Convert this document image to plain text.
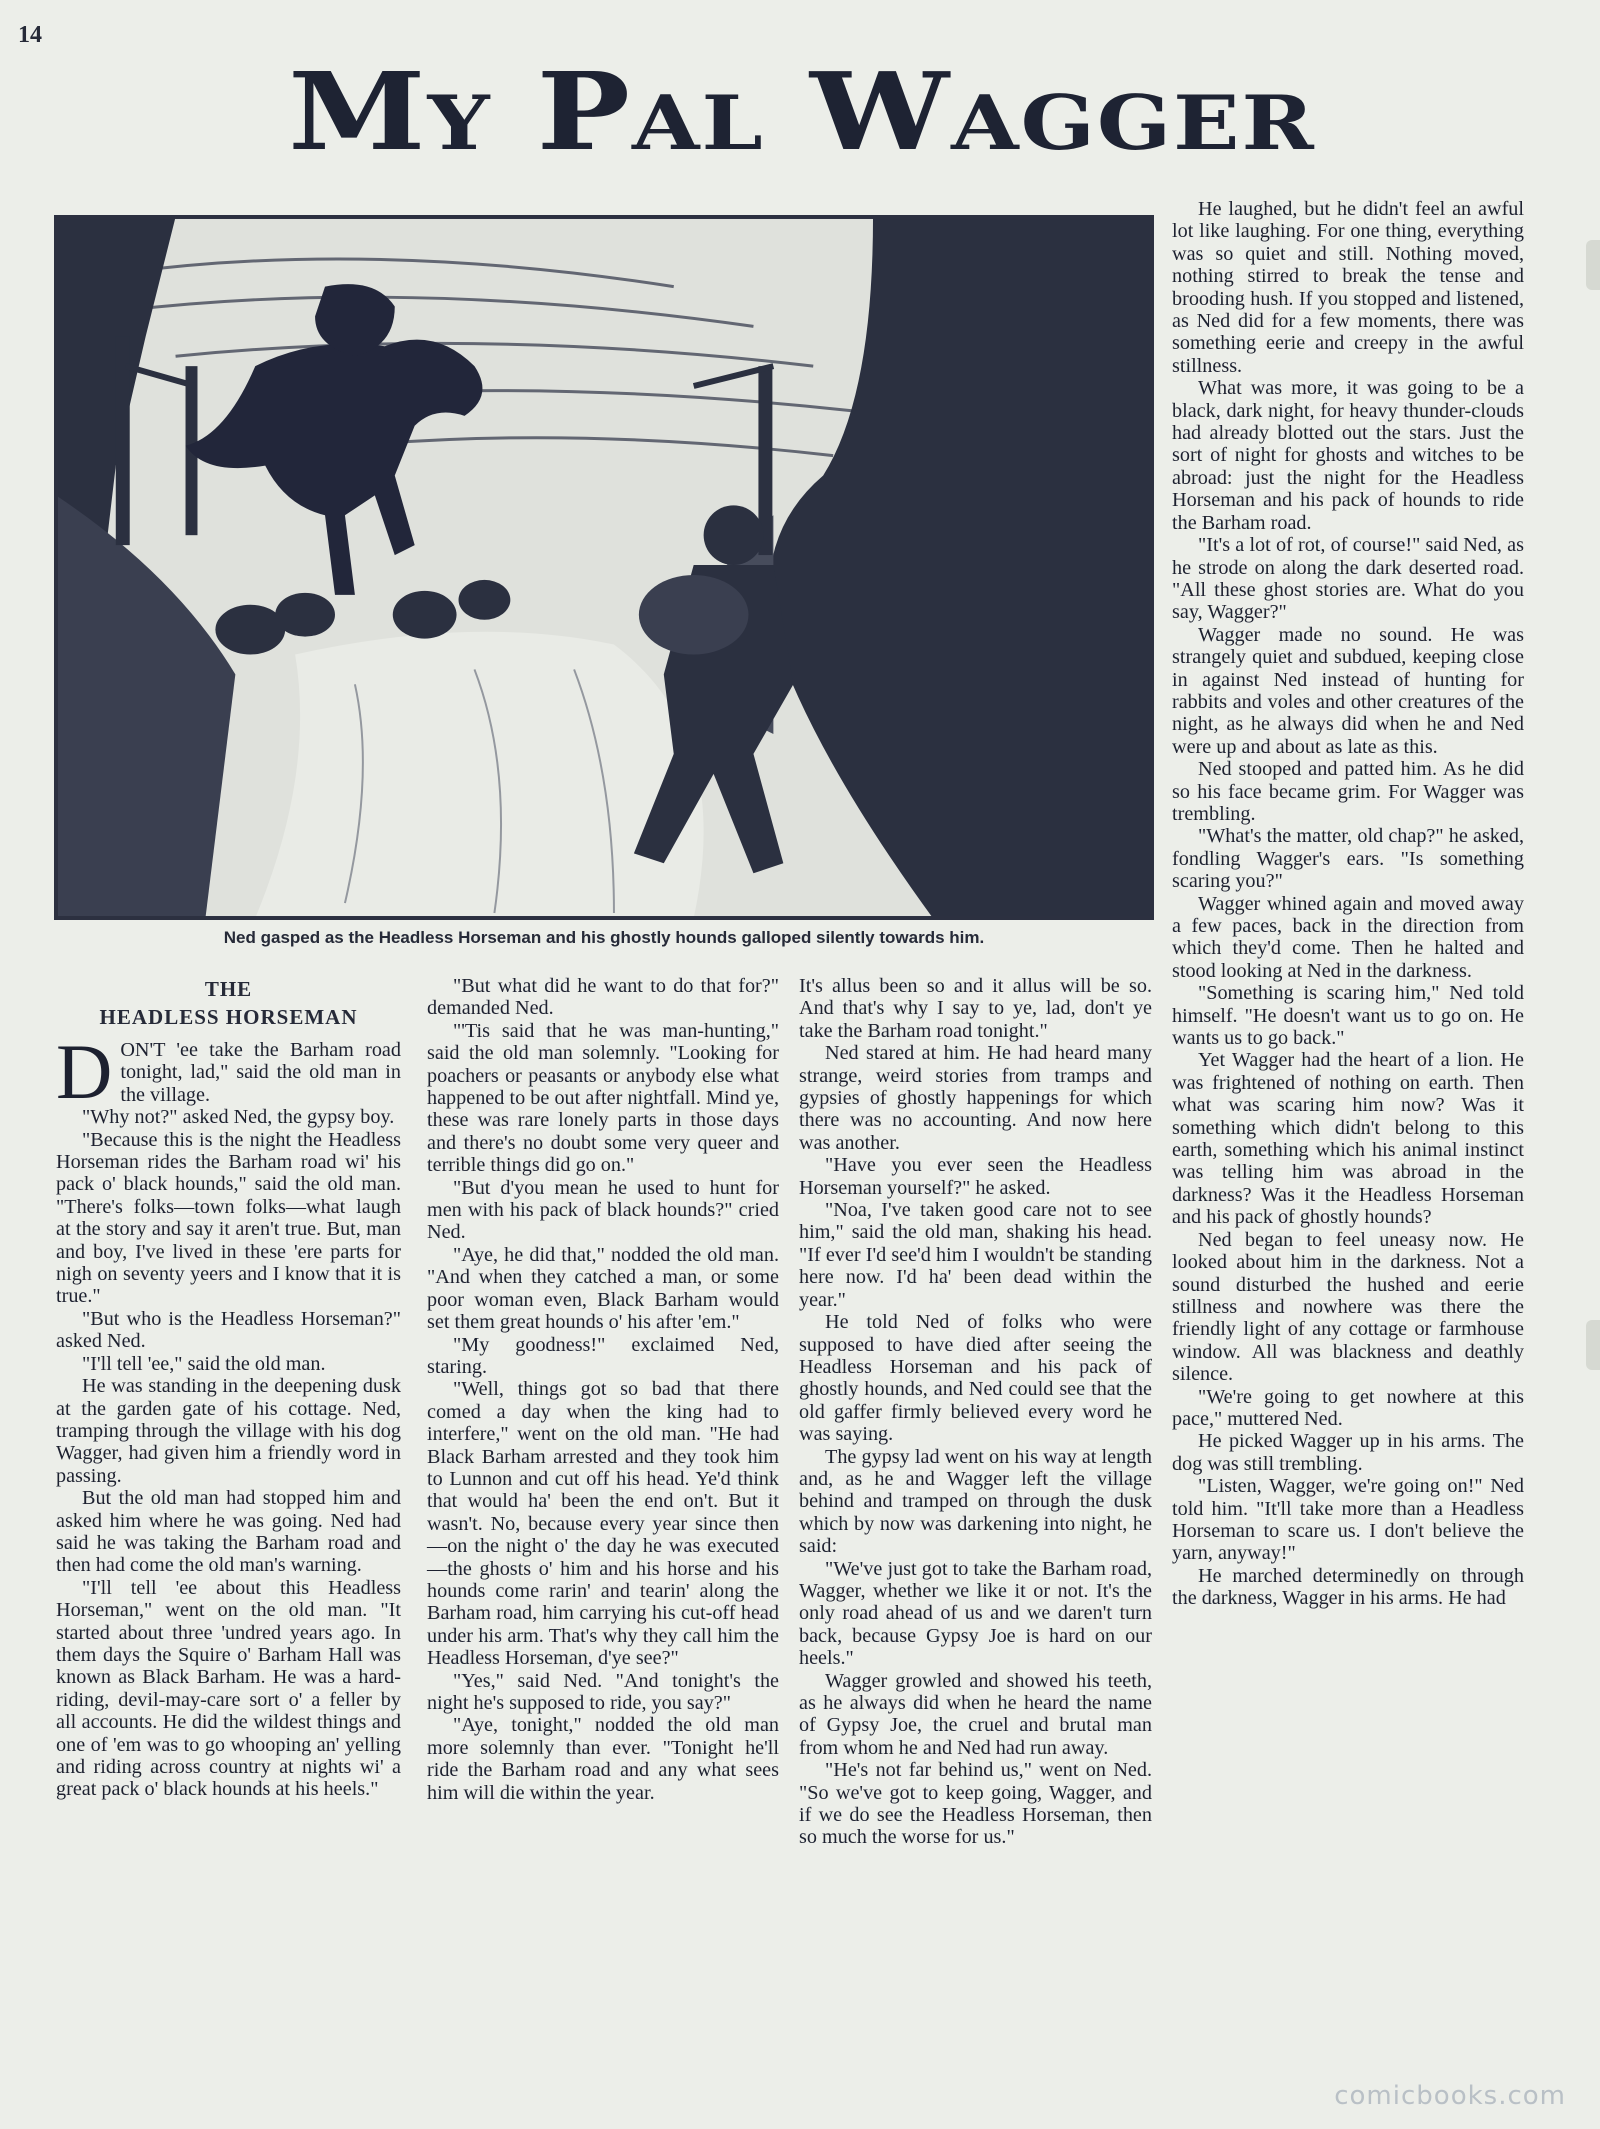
14
My Pal Wagger
Ned gasped as the Headless Horseman and his ghostly hounds galloped silently towards him.
THE
HEADLESS HORSEMAN

DON'T 'ee take the Barham road tonight, lad," said the old man in the village.

"Why not?" asked Ned, the gypsy boy.

"Because this is the night the Headless Horseman rides the Barham road wi' his pack o' black hounds," said the old man. "There's folks—town folks—what laugh at the story and say it aren't true. But, man and boy, I've lived in these 'ere parts for nigh on seventy yeers and I know that it is true."

"But who is the Headless Horseman?" asked Ned.

"I'll tell 'ee," said the old man.

He was standing in the deepening dusk at the garden gate of his cottage. Ned, tramping through the village with his dog Wagger, had given him a friendly word in passing.

But the old man had stopped him and asked him where he was going. Ned had said he was taking the Barham road and then had come the old man's warning.

"I'll tell 'ee about this Headless Horseman," went on the old man. "It started about three 'undred years ago. In them days the Squire o' Barham Hall was known as Black Barham. He was a hard-riding, devil-may-care sort o' a feller by all accounts. He did the wildest things and one of 'em was to go whooping an' yelling and riding across country at nights wi' a great pack o' black hounds at his heels."

"But what did he want to do that for?" demanded Ned.

"'Tis said that he was man-hunting," said the old man solemnly. "Looking for poachers or peasants or anybody else what happened to be out after nightfall. Mind ye, these was rare lonely parts in those days and there's no doubt some very queer and terrible things did go on."

"But d'you mean he used to hunt for men with his pack of black hounds?" cried Ned.

"Aye, he did that," nodded the old man. "And when they catched a man, or some poor woman even, Black Barham would set them great hounds o' his after 'em."

"My goodness!" exclaimed Ned, staring.

"Well, things got so bad that there comed a day when the king had to interfere," went on the old man. "He had Black Barham arrested and they took him to Lunnon and cut off his head. Ye'd think that would ha' been the end on't. But it wasn't. No, because every year since then—on the night o' the day he was executed—the ghosts o' him and his horse and his hounds come rarin' and tearin' along the Barham road, him carrying his cut-off head under his arm. That's why they call him the Headless Horseman, d'ye see?"

"Yes," said Ned. "And tonight's the night he's supposed to ride, you say?"

"Aye, tonight," nodded the old man more solemnly than ever. "Tonight he'll ride the Barham road and any what sees him will die within the year.

It's allus been so and it allus will be so. And that's why I say to ye, lad, don't ye take the Barham road tonight."

Ned stared at him. He had heard many strange, weird stories from tramps and gypsies of ghostly happenings for which there was no accounting. And now here was another.

"Have you ever seen the Headless Horseman yourself?" he asked.

"Noa, I've taken good care not to see him," said the old man, shaking his head. "If ever I'd see'd him I wouldn't be standing here now. I'd ha' been dead within the year."

He told Ned of folks who were supposed to have died after seeing the Headless Horseman and his pack of ghostly hounds, and Ned could see that the old gaffer firmly believed every word he was saying.

The gypsy lad went on his way at length and, as he and Wagger left the village behind and tramped on through the dusk which by now was darkening into night, he said:

"We've just got to take the Barham road, Wagger, whether we like it or not. It's the only road ahead of us and we daren't turn back, because Gypsy Joe is hard on our heels."

Wagger growled and showed his teeth, as he always did when he heard the name of Gypsy Joe, the cruel and brutal man from whom he and Ned had run away.

"He's not far behind us," went on Ned. "So we've got to keep going, Wagger, and if we do see the Headless Horseman, then so much the worse for us."

He laughed, but he didn't feel an awful lot like laughing. For one thing, everything was so quiet and still. Nothing moved, nothing stirred to break the tense and brooding hush. If you stopped and listened, as Ned did for a few moments, there was something eerie and creepy in the awful stillness.

What was more, it was going to be a black, dark night, for heavy thunder-clouds had already blotted out the stars. Just the sort of night for ghosts and witches to be abroad: just the night for the Headless Horseman and his pack of hounds to ride the Barham road.

"It's a lot of rot, of course!" said Ned, as he strode on along the dark deserted road. "All these ghost stories are. What do you say, Wagger?"

Wagger made no sound. He was strangely quiet and subdued, keeping close in against Ned instead of hunting for rabbits and voles and other creatures of the night, as he always did when he and Ned were up and about as late as this.

Ned stooped and patted him. As he did so his face became grim. For Wagger was trembling.

"What's the matter, old chap?" he asked, fondling Wagger's ears. "Is something scaring you?"

Wagger whined again and moved away a few paces, back in the direction from which they'd come. Then he halted and stood looking at Ned in the darkness.

"Something is scaring him," Ned told himself. "He doesn't want us to go on. He wants us to go back."

Yet Wagger had the heart of a lion. He was frightened of nothing on earth. Then what was scaring him now? Was it something which didn't belong to this earth, something which his animal instinct was telling him was abroad in the darkness? Was it the Headless Horseman and his pack of ghostly hounds?

Ned began to feel uneasy now. He looked about him in the darkness. Not a sound disturbed the hushed and eerie stillness and nowhere was there the friendly light of any cottage or farmhouse window. All was blackness and deathly silence.

"We're going to get nowhere at this pace," muttered Ned.

He picked Wagger up in his arms. The dog was still trembling.

"Listen, Wagger, we're going on!" Ned told him. "It'll take more than a Headless Horseman to scare us. I don't believe the yarn, anyway!"

He marched determinedly on through the darkness, Wagger in his arms. He had

comicbooks.com
